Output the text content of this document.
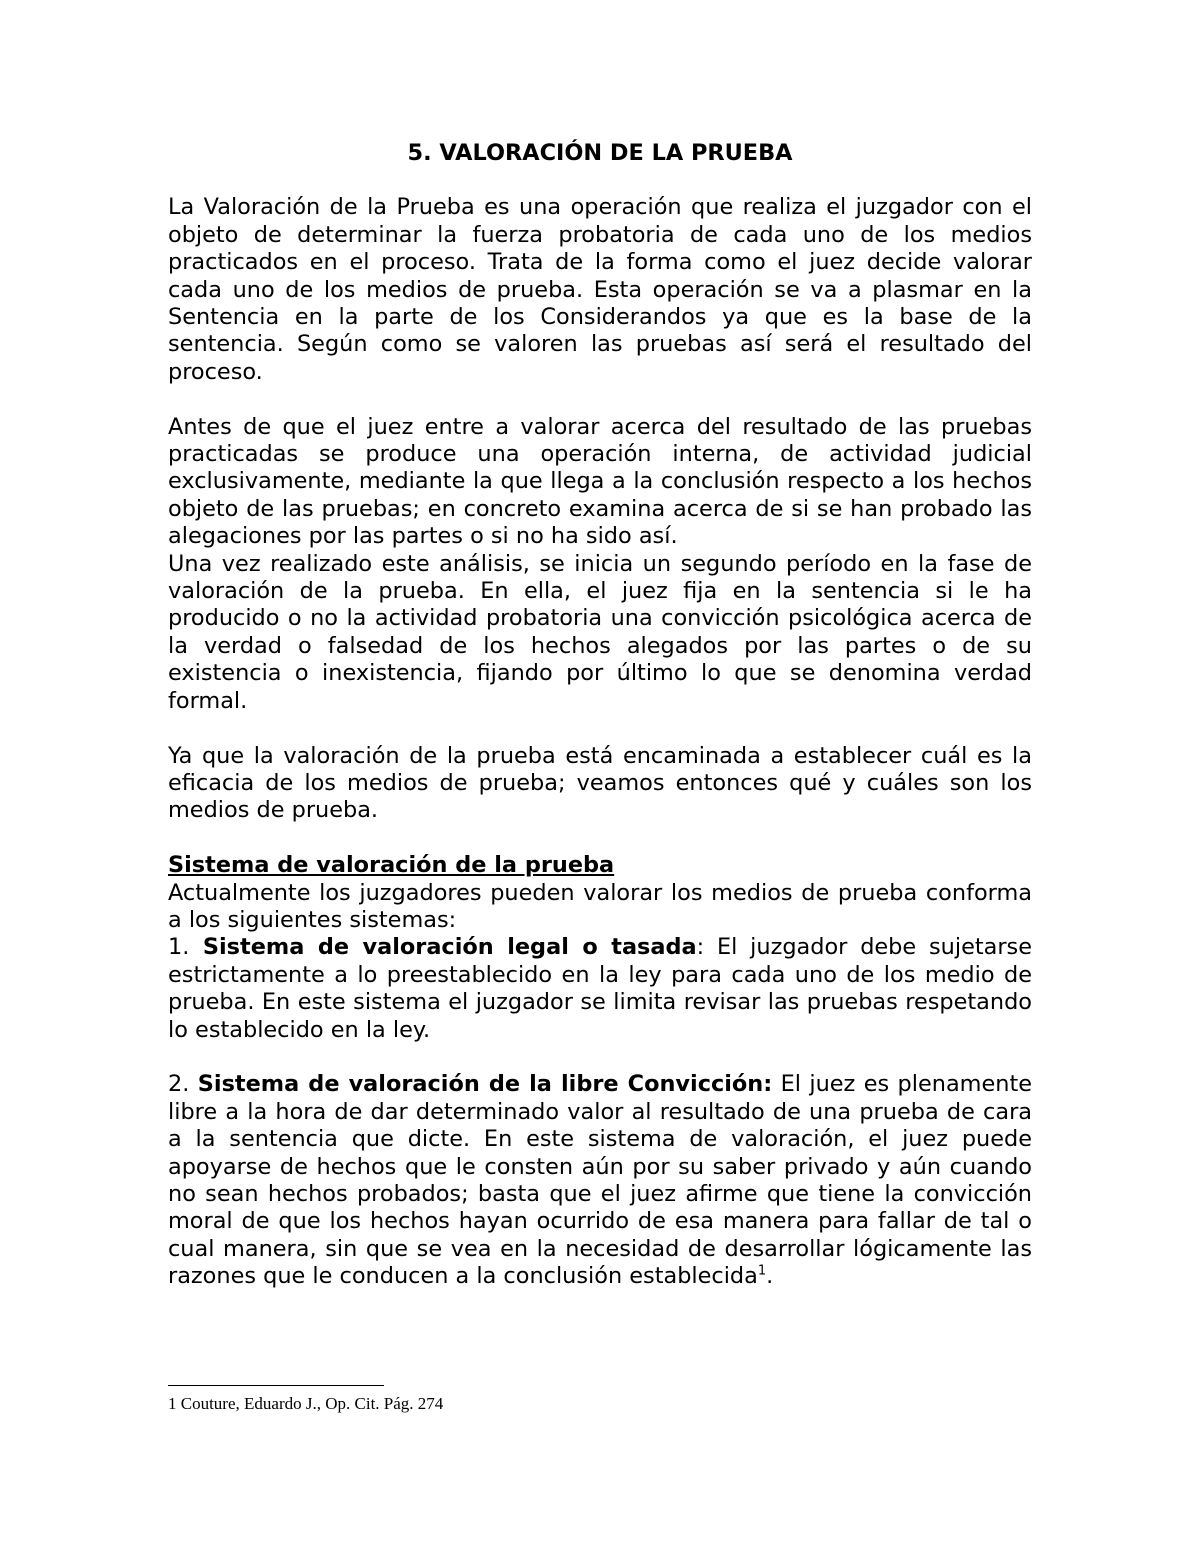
5. VALORACIÓN DE LA PRUEBA

La Valoración de la Prueba es una operación que realiza el juzgador con el objeto de determinar la fuerza probatoria de cada uno de los medios practicados en el proceso. Trata de la forma como el juez decide valorar cada uno de los medios de prueba. Esta operación se va a plasmar en la Sentencia en la parte de los Considerandos ya que es la base de la sentencia. Según como se valoren las pruebas así será el resultado del proceso.

Antes de que el juez entre a valorar acerca del resultado de las pruebas practicadas se produce una operación interna, de actividad judicial exclusivamente, mediante la que llega a la conclusión respecto a los hechos objeto de las pruebas; en concreto examina acerca de si se han probado las alegaciones por las partes o si no ha sido así.

Una vez realizado este análisis, se inicia un segundo período en la fase de valoración de la prueba. En ella, el juez fija en la sentencia si le ha producido o no la actividad probatoria una convicción psicológica acerca de la verdad o falsedad de los hechos alegados por las partes o de su existencia o inexistencia, fijando por último lo que se denomina verdad formal.

Ya que la valoración de la prueba está encaminada a establecer cuál es la eficacia de los medios de prueba; veamos entonces qué y cuáles son los medios de prueba.

Sistema de valoración de la prueba

Actualmente los juzgadores pueden valorar los medios de prueba conforma a los siguientes sistemas:

1. Sistema de valoración legal o tasada: El juzgador debe sujetarse estrictamente a lo preestablecido en la ley para cada uno de los medio de prueba. En este sistema el juzgador se limita revisar las pruebas respetando lo establecido en la ley.

2. Sistema de valoración de la libre Convicción: El juez es plenamente libre a la hora de dar determinado valor al resultado de una prueba de cara a la sentencia que dicte. En este sistema de valoración, el juez puede apoyarse de hechos que le consten aún por su saber privado y aún cuando no sean hechos probados; basta que el juez afirme que tiene la convicción moral de que los hechos hayan ocurrido de esa manera para fallar de tal o cual manera, sin que se vea en la necesidad de desarrollar lógicamente las razones que le conducen a la conclusión establecida$^1$.

1 Couture, Eduardo J., Op. Cit. Pág. 274
